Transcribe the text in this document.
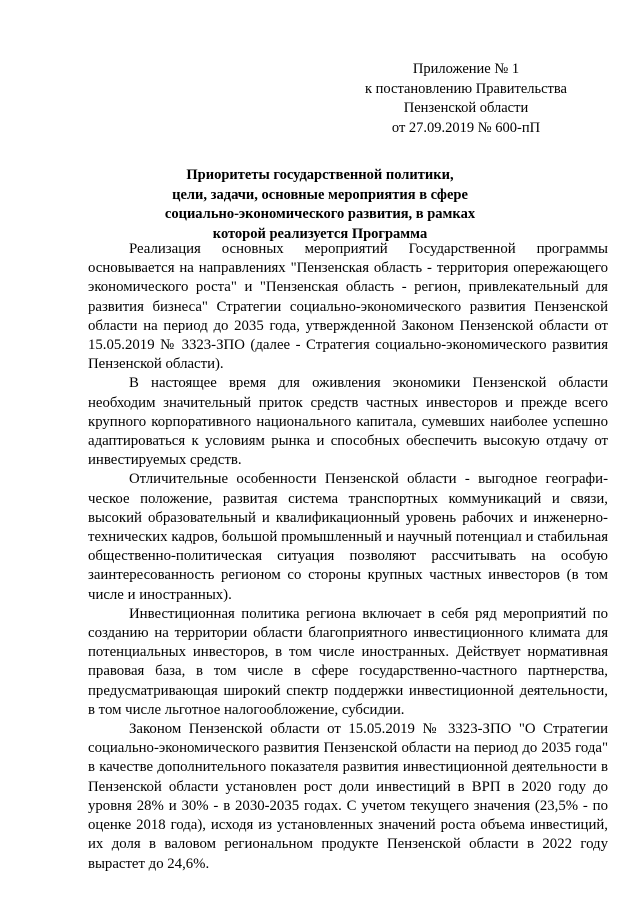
Приложение № 1
к постановлению Правительства
Пензенской области
от 27.09.2019 № 600-пП
Приоритеты государственной политики,
цели, задачи, основные мероприятия в сфере
социально-экономического развития, в рамках
которой реализуется Программа

Реализация основных мероприятий Государственной программы основывается на направлениях "Пензенская область - территория опережающего экономического роста" и "Пензенская область - регион, привлекательный для развития бизнеса" Стратегии социально-экономического развития Пензенской области на период до 2035 года, утвержденной Законом Пензенской области от 15.05.2019 № 3323-ЗПО (далее - Стратегия социально-экономического развития Пензенской области).

В настоящее время для оживления экономики Пензенской области необходим значительный приток средств частных инвесторов и прежде всего крупного корпоративного национального капитала, сумевших наиболее успешно адаптироваться к условиям рынка и способных обеспечить высокую отдачу от инвестируемых средств.

Отличительные особенности Пензенской области - выгодное географическое положение, развитая система транспортных коммуникаций и связи, высокий образовательный и квалификационный уровень рабочих и инженерно-технических кадров, большой промышленный и научный потенциал и стабильная общественно-политическая ситуация позволяют рассчитывать на особую заинтересованность регионом со стороны крупных частных инвесторов (в том числе и иностранных).

Инвестиционная политика региона включает в себя ряд мероприятий по созданию на территории области благоприятного инвестиционного климата для потенциальных инвесторов, в том числе иностранных. Действует нормативная правовая база, в том числе в сфере государственно-частного партнерства, предусматривающая широкий спектр поддержки инвестиционной деятельности, в том числе льготное налогообложение, субсидии.

Законом Пензенской области от 15.05.2019 № 3323-ЗПО "О Стратегии социально-экономического развития Пензенской области на период до 2035 года" в качестве дополнительного показателя развития инвестиционной деятельности в Пензенской области установлен рост доли инвестиций в ВРП в 2020 году до уровня 28% и 30% - в 2030-2035 годах. С учетом текущего значения (23,5% - по оценке 2018 года), исходя из установленных значений роста объема инвестиций, их доля в валовом региональном продукте Пензенской области в 2022 году вырастет до 24,6%.
